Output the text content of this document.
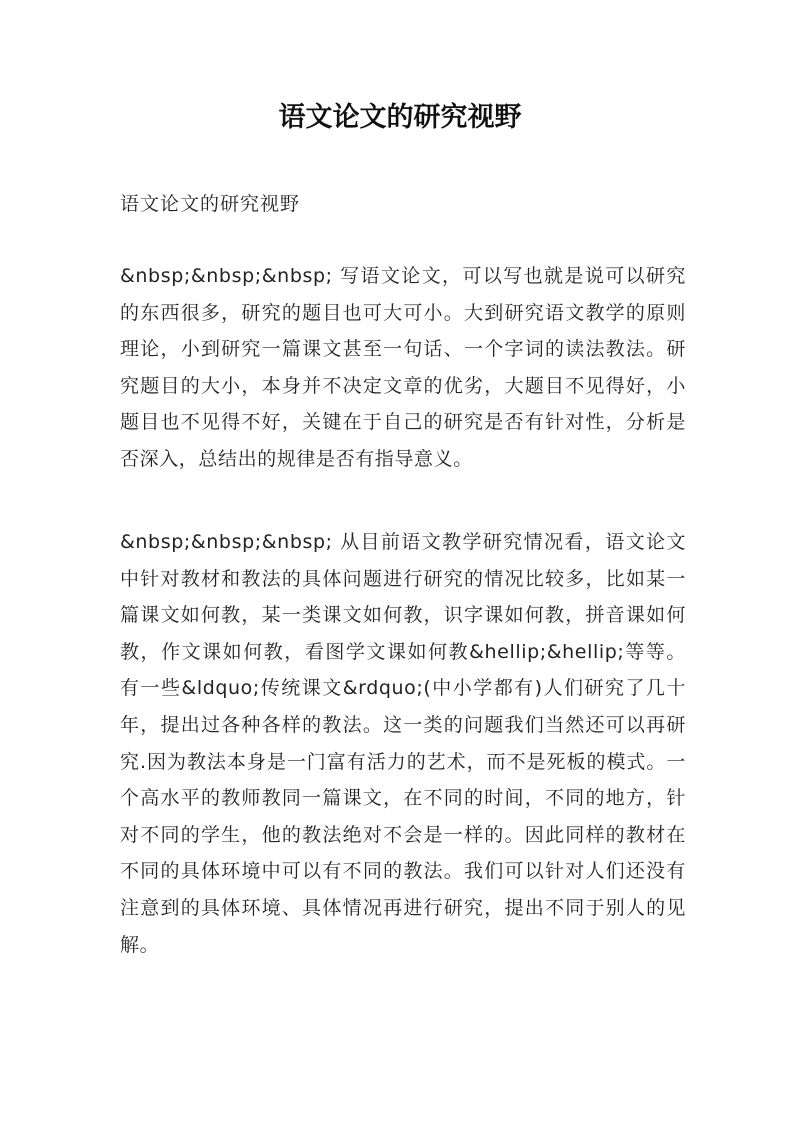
语文论文的研究视野

语文论文的研究视野

&nbsp;&nbsp;&nbsp; 写语文论文，可以写也就是说可以研究的东西很多，研究的题目也可大可小。大到研究语文教学的原则理论，小到研究一篇课文甚至一句话、一个字词的读法教法。研究题目的大小，本身并不决定文章的优劣，大题目不见得好，小题目也不见得不好，关键在于自己的研究是否有针对性，分析是否深入，总结出的规律是否有指导意义。

&nbsp;&nbsp;&nbsp; 从目前语文教学研究情况看，语文论文中针对教材和教法的具体问题进行研究的情况比较多，比如某一篇课文如何教，某一类课文如何教，识字课如何教，拼音课如何教，作文课如何教，看图学文课如何教&hellip;&hellip;等等。有一些&ldquo;传统课文&rdquo;(中小学都有)人们研究了几十年，提出过各种各样的教法。这一类的问题我们当然还可以再研究.因为教法本身是一门富有活力的艺术，而不是死板的模式。一个高水平的教师教同一篇课文，在不同的时间，不同的地方，针对不同的学生，他的教法绝对不会是一样的。因此同样的教材在不同的具体环境中可以有不同的教法。我们可以针对人们还没有注意到的具体环境、具体情况再进行研究，提出不同于别人的见解。
